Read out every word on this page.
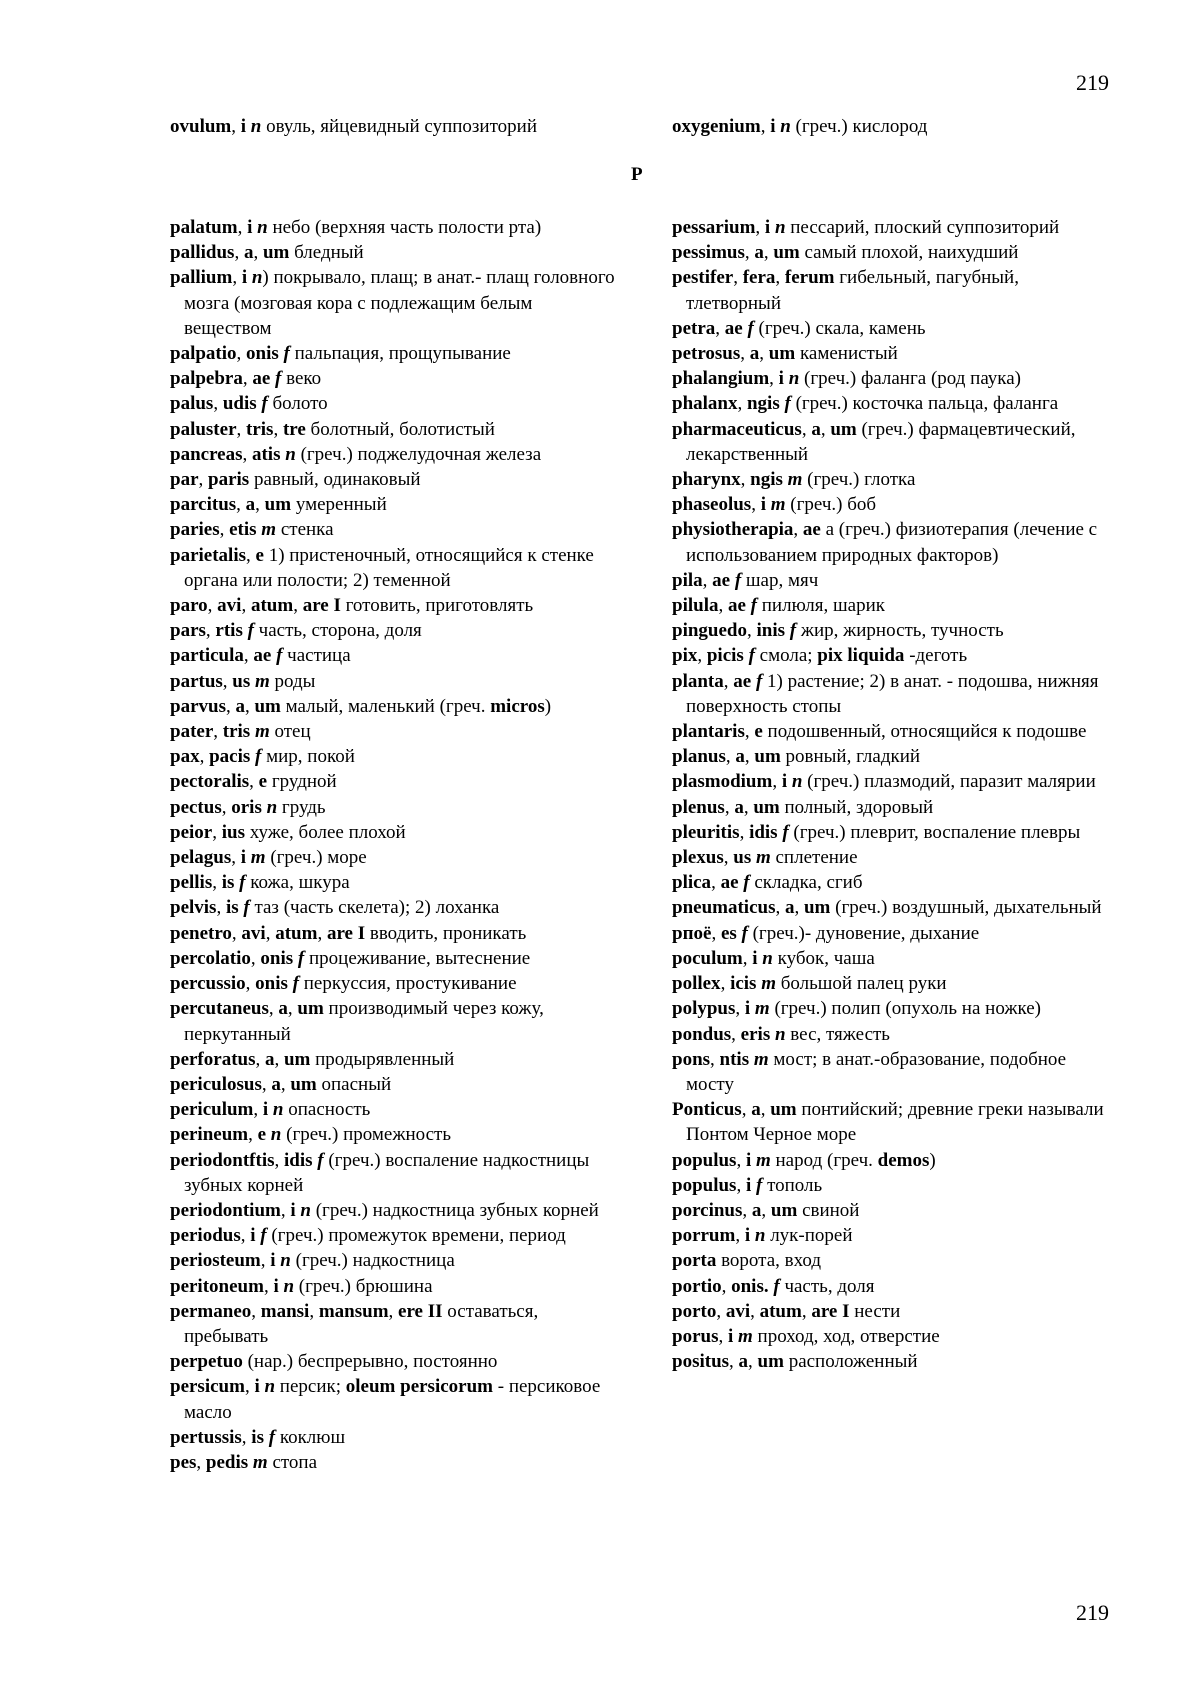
219
ovulum, i n овуль, яйцевидный суппозиторий	oxygenium, i n (греч.) кислород
P

palatum, i n небо (верхняя часть полости рта)

pallidus, a, um бледный

pallium, i n) покрывало, плащ; в анат.- плащ головного мозга (мозговая кора с подлежащим белым веществом

palpatio, onis f пальпация, прощупывание

palpebra, ae f веко

palus, udis f болото

paluster, tris, tre болотный, болотистый

pancreas, atis n (греч.) поджелудочная железа

par, paris равный, одинаковый

parcitus, a, um умеренный

paries, etis m стенка

parietalis, e 1) пристеночный, относящийся к стенке органа или полости; 2) теменной

paro, avi, atum, are I готовить, приготовлять

pars, rtis f часть, сторона, доля

particula, ae f частица

partus, us m роды

parvus, a, um малый, маленький (греч. micros)

pater, tris m отец

pax, pacis f мир, покой

pectoralis, e грудной

pectus, oris n грудь

peior, ius хуже, более плохой

pelagus, i m (греч.) море

pellis, is f кожа, шкура

pelvis, is f таз (часть скелета); 2) лоханка

penetro, avi, atum, are I вводить, проникать

percolatio, onis f процеживание, вытеснение

percussio, onis f перкуссия, простукивание

percutaneus, a, um производимый через кожу, перкутанный

perforatus, a, um продырявленный

periculosus, a, um опасный

periculum, i n опасность

perineum, e n (греч.) промежность

periodontftis, idis f (греч.) воспаление надкостницы зубных корней

periodontium, i n (греч.) надкостница зубных корней

periodus, i f (греч.) промежуток времени, период

periosteum, i n (греч.) надкостница

peritoneum, i n (греч.) брюшина

permaneo, mansi, mansum, ere II оставаться, пребывать

perpetuo (нар.) беспрерывно, постоянно

persicum, i n персик; oleum persicorum - персиковое масло

pertussis, is f коклюш

pes, pedis m стопа

pessarium, i n пессарий, плоский суппозиторий

pessimus, a, um самый плохой, наихудший

pestifer, fera, ferum гибельный, пагубный, тлетворный

petra, ae f (греч.) скала, камень

petrosus, a, um каменистый

phalangium, i n (греч.) фаланга (род паука)

phalanx, ngis f (греч.) косточка пальца, фаланга

pharmaceuticus, a, um (греч.) фармацевтический, лекарственный

pharynx, ngis m (греч.) глотка

phaseolus, i m (греч.) боб

physiotherapia, ae a (греч.) физиотерапия (лечение с использованием природных факторов)

pila, ae f шар, мяч

pilula, ae f пилюля, шарик

pinguedo, inis f жир, жирность, тучность

pix, picis f смола; pix liquida -деготь

planta, ae f 1) растение; 2) в анат. - подошва, нижняя поверхность стопы

plantaris, e подошвенный, относящийся к подошве

planus, a, um ровный, гладкий

plasmodium, i n (греч.) плазмодий, паразит малярии

plenus, a, um полный, здоровый

pleuritis, idis f (греч.) плеврит, воспаление плевры

plexus, us m сплетение

plica, ae f складка, сгиб

pneumaticus, a, um (греч.) воздушный, дыхательный

pпoё, es f (греч.)- дуновение, дыхание

poculum, i n кубок, чаша

pollex, icis m большой палец руки

polypus, i m (греч.) полип (опухоль на ножке)

pondus, eris n вес, тяжесть

pons, ntis m мост; в анат.-образование, подобное мосту

Ponticus, a, um понтийский; древние греки называли Понтом Черное море

populus, i m народ (греч. demos)

populus, i f тополь

porcinus, a, um свиной

porrum, i n лук-порей

porta ворота, вход

portio, onis. f часть, доля

porto, avi, atum, are I нести

porus, i m проход, ход, отверстие

positus, a, um расположенный

219
